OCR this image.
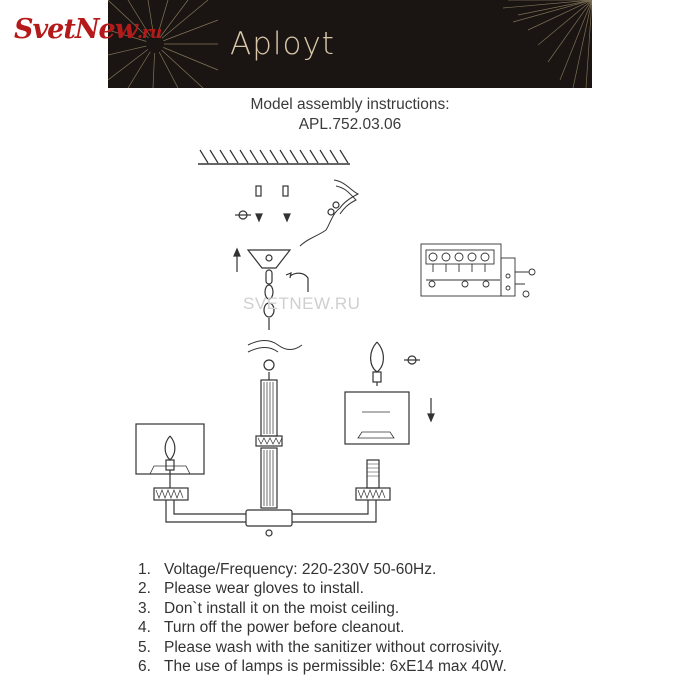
Aployt
SvetNew.ru
Model assembly instructions:
APL.752.03.06
SVETNEW.RU
1. Voltage/Frequency: 220-230V 50-60Hz.
2. Please wear gloves to install.
3. Don`t install it on the moist ceiling.
4. Turn off the power before cleanout.
5. Please wash with the sanitizer without corrosivity.
6. The use of lamps is permissible: 6xE14 max 40W.
